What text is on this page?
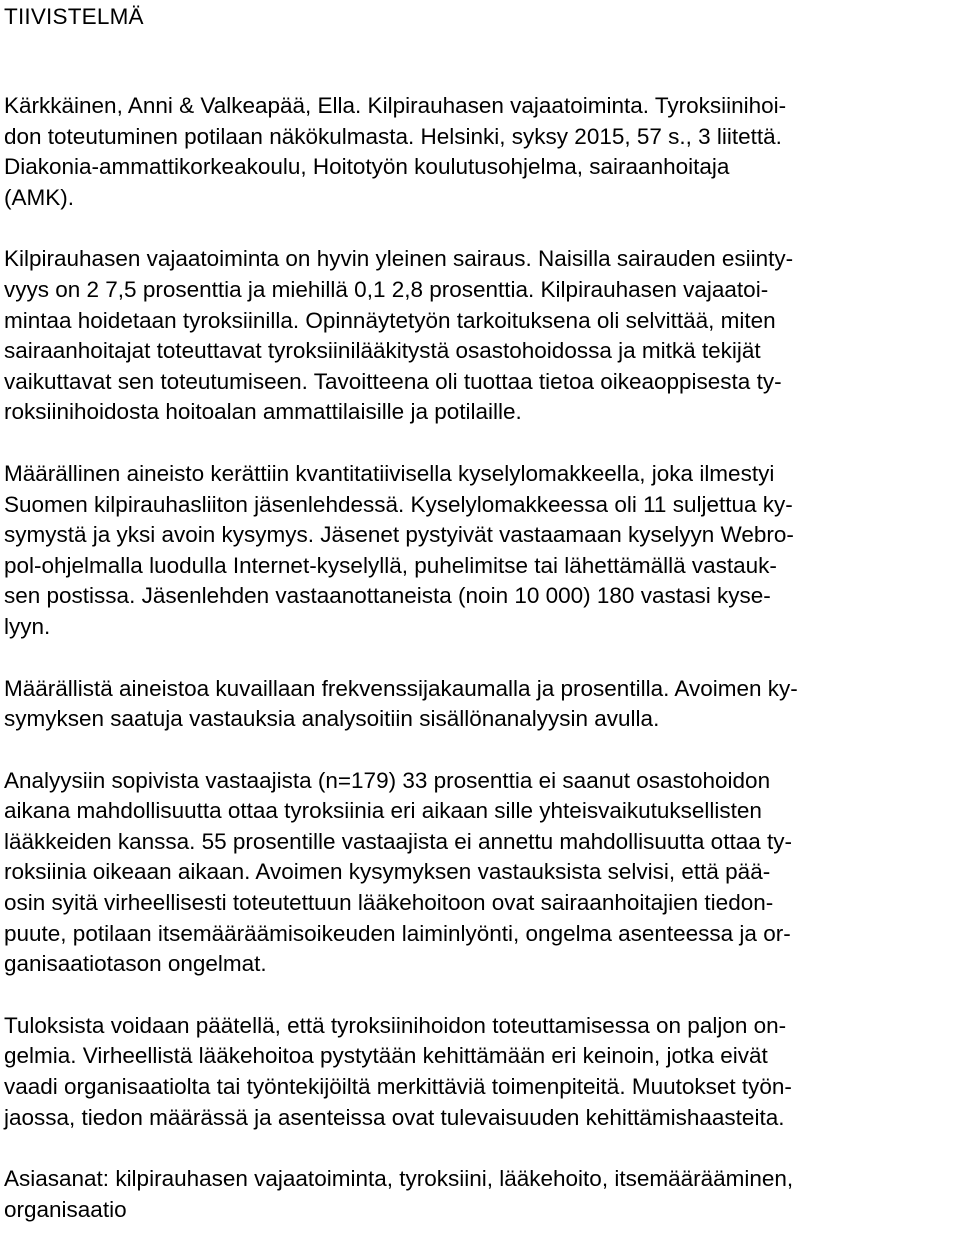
TIIVISTELMÄ

Kärkkäinen, Anni & Valkeapää, Ella. Kilpirauhasen vajaatoiminta. Tyroksiinihoi-
don toteutuminen potilaan näkökulmasta. Helsinki, syksy 2015, 57 s., 3 liitettä.
Diakonia-ammattikorkeakoulu, Hoitotyön koulutusohjelma, sairaanhoitaja
(AMK).

Kilpirauhasen vajaatoiminta on hyvin yleinen sairaus. Naisilla sairauden esiinty-
vyys on 2 7,5 prosenttia ja miehillä 0,1 2,8 prosenttia. Kilpirauhasen vajaatoi-
mintaa hoidetaan tyroksiinilla. Opinnäytetyön tarkoituksena oli selvittää, miten
sairaanhoitajat toteuttavat tyroksiinilääkitystä osastohoidossa ja mitkä tekijät
vaikuttavat sen toteutumiseen. Tavoitteena oli tuottaa tietoa oikeaoppisesta ty-
roksiinihoidosta hoitoalan ammattilaisille ja potilaille.

Määrällinen aineisto kerättiin kvantitatiivisella kyselylomakkeella, joka ilmestyi
Suomen kilpirauhasliiton jäsenlehdessä. Kyselylomakkeessa oli 11 suljettua ky-
symystä ja yksi avoin kysymys. Jäsenet pystyivät vastaamaan kyselyyn Webro-
pol-ohjelmalla luodulla Internet-kyselyllä, puhelimitse tai lähettämällä vastauk-
sen postissa. Jäsenlehden vastaanottaneista (noin 10 000) 180 vastasi kyse-
lyyn.

Määrällistä aineistoa kuvaillaan frekvenssijakaumalla ja prosentilla. Avoimen ky-
symyksen saatuja vastauksia analysoitiin sisällönanalyysin avulla.

Analyysiin sopivista vastaajista (n=179) 33 prosenttia ei saanut osastohoidon
aikana mahdollisuutta ottaa tyroksiinia eri aikaan sille yhteisvaikutuksellisten
lääkkeiden kanssa. 55 prosentille vastaajista ei annettu mahdollisuutta ottaa ty-
roksiinia oikeaan aikaan. Avoimen kysymyksen vastauksista selvisi, että pää-
osin syitä virheellisesti toteutettuun lääkehoitoon ovat sairaanhoitajien tiedon-
puute, potilaan itsemääräämisoikeuden laiminlyönti, ongelma asenteessa ja or-
ganisaatiotason ongelmat.

Tuloksista voidaan päätellä, että tyroksiinihoidon toteuttamisessa on paljon on-
gelmia. Virheellistä lääkehoitoa pystytään kehittämään eri keinoin, jotka eivät
vaadi organisaatiolta tai työntekijöiltä merkittäviä toimenpiteitä. Muutokset työn-
jaossa, tiedon määrässä ja asenteissa ovat tulevaisuuden kehittämishaasteita.

Asiasanat: kilpirauhasen vajaatoiminta, tyroksiini, lääkehoito, itsemäärääminen,
organisaatio
